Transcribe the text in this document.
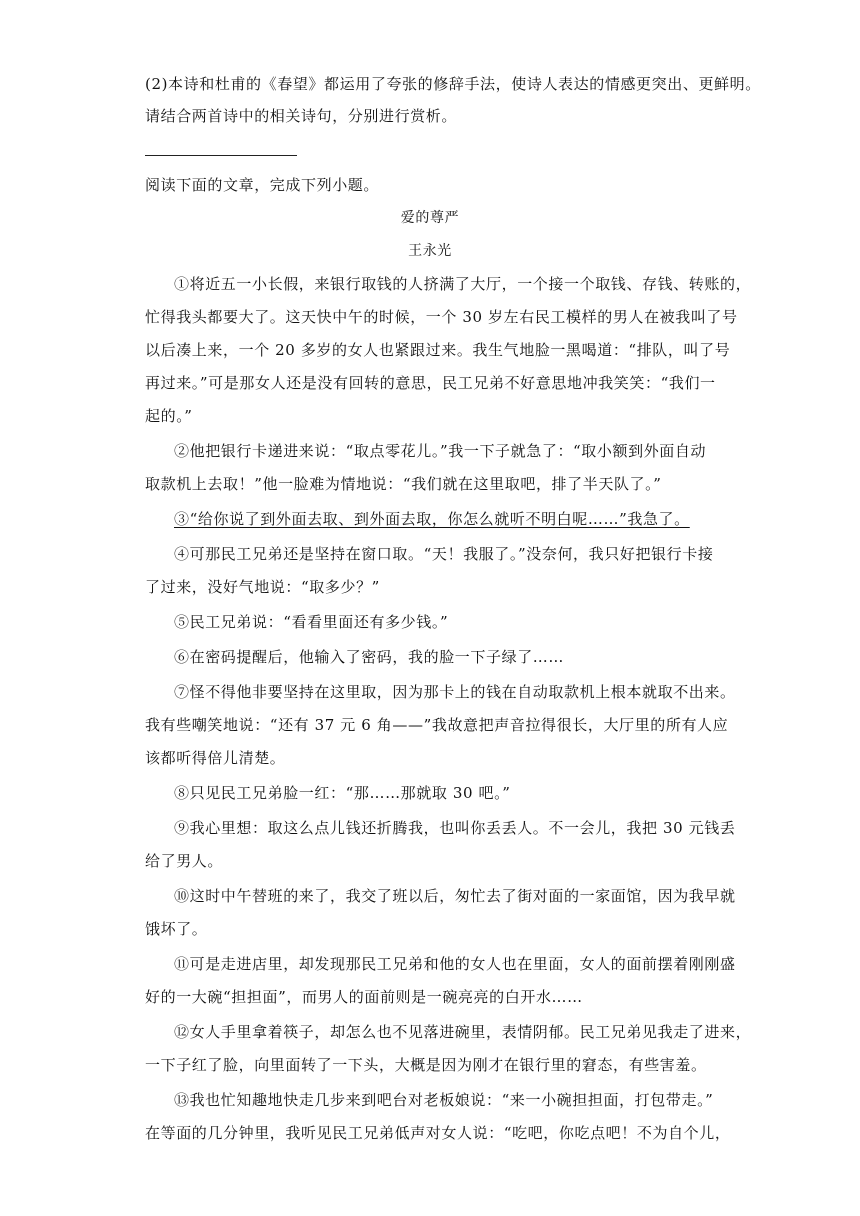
(2)本诗和杜甫的《春望》都运用了夸张的修辞手法，使诗人表达的情感更突出、更鲜明。
请结合两首诗中的相关诗句，分别进行赏析。
阅读下面的文章，完成下列小题。
爱的尊严
王永光
①将近五一小长假，来银行取钱的人挤满了大厅，一个接一个取钱、存钱、转账的，
忙得我头都要大了。这天快中午的时候，一个 30 岁左右民工模样的男人在被我叫了号
以后凑上来，一个 20 多岁的女人也紧跟过来。我生气地脸一黑喝道：“排队，叫了号
再过来。”可是那女人还是没有回转的意思，民工兄弟不好意思地冲我笑笑：“我们一
起的。”
②他把银行卡递进来说：“取点零花儿。”我一下子就急了：“取小额到外面自动
取款机上去取！”他一脸难为情地说：“我们就在这里取吧，排了半天队了。”
③“给你说了到外面去取、到外面去取，你怎么就听不明白呢……”我急了。
④可那民工兄弟还是坚持在窗口取。“天！我服了。”没奈何，我只好把银行卡接
了过来，没好气地说：“取多少？”
⑤民工兄弟说：“看看里面还有多少钱。”
⑥在密码提醒后，他输入了密码，我的脸一下子绿了……
⑦怪不得他非要坚持在这里取，因为那卡上的钱在自动取款机上根本就取不出来。
我有些嘲笑地说：“还有 37 元 6 角——”我故意把声音拉得很长，大厅里的所有人应
该都听得倍儿清楚。
⑧只见民工兄弟脸一红：“那……那就取 30 吧。”
⑨我心里想：取这么点儿钱还折腾我，也叫你丢丢人。不一会儿，我把 30 元钱丢
给了男人。
⑩这时中午替班的来了，我交了班以后，匆忙去了街对面的一家面馆，因为我早就
饿坏了。
⑪可是走进店里，却发现那民工兄弟和他的女人也在里面，女人的面前摆着刚刚盛
好的一大碗“担担面”，而男人的面前则是一碗亮亮的白开水……
⑫女人手里拿着筷子，却怎么也不见落进碗里，表情阴郁。民工兄弟见我走了进来，
一下子红了脸，向里面转了一下头，大概是因为刚才在银行里的窘态，有些害羞。
⑬我也忙知趣地快走几步来到吧台对老板娘说：“来一小碗担担面，打包带走。”
在等面的几分钟里，我听见民工兄弟低声对女人说：“吃吧，你吃点吧！不为自个儿，
